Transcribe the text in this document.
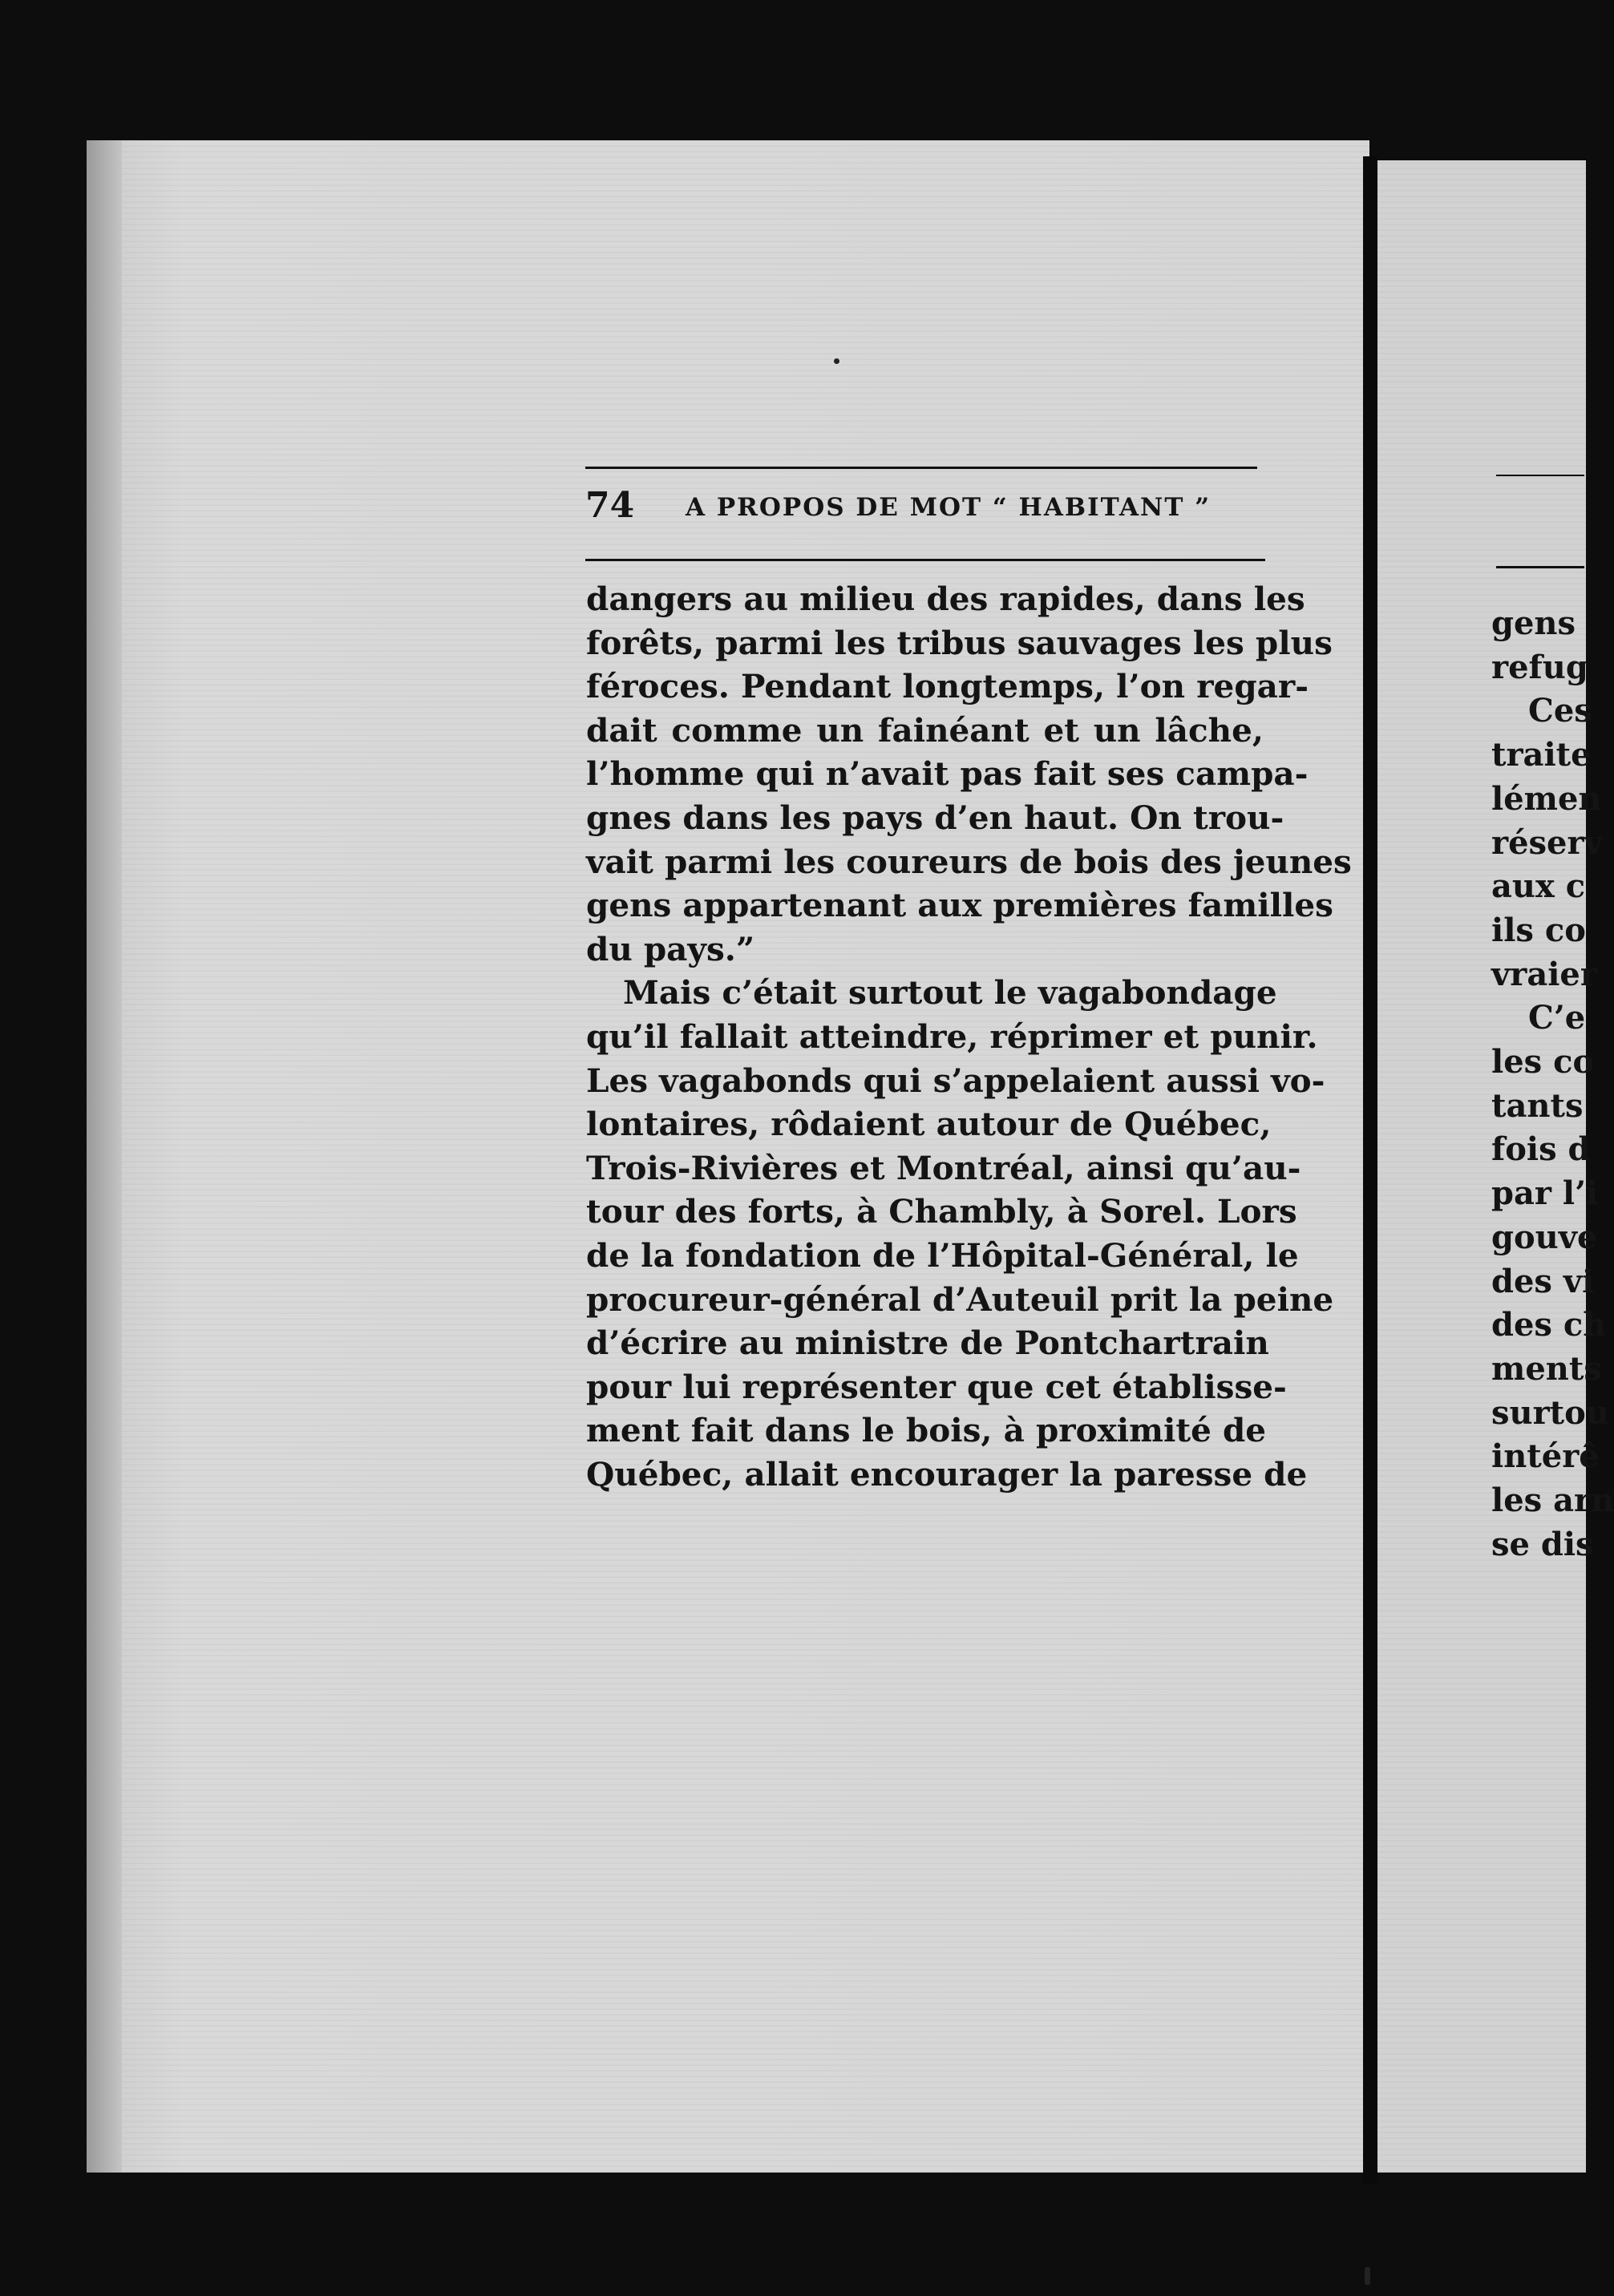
74 A PROPOS DE MOT “ HABITANT ”
dangers au milieu des rapides, dans les
forêts, parmi les tribus sauvages les plus
féroces. Pendant longtemps, l’on regar-
dait comme un fainéant et un lâche,
l’homme qui n’avait pas fait ses campa-
gnes dans les pays d’en haut. On trou-
vait parmi les coureurs de bois des jeunes
gens appartenant aux premières familles
du pays.”
Mais c’était surtout le vagabondage
qu’il fallait atteindre, réprimer et punir.
Les vagabonds qui s’appelaient aussi vo-
lontaires, rôdaient autour de Québec,
Trois-Rivières et Montréal, ainsi qu’au-
tour des forts, à Chambly, à Sorel. Lors
de la fondation de l’Hôpital-Général, le
procureur-général d’Auteuil prit la peine
d’écrire au ministre de Pontchartrain
pour lui représenter que cet établisse-
ment fait dans le bois, à proximité de
Québec, allait encourager la paresse de
gens
refug
Ces
traite
lémen
réserv
aux c
ils co
vraier
C’e
les co
tants
fois d
par l’i
gouve
des vi
des ch
ments
surtou
intérê
les arn
se dis
